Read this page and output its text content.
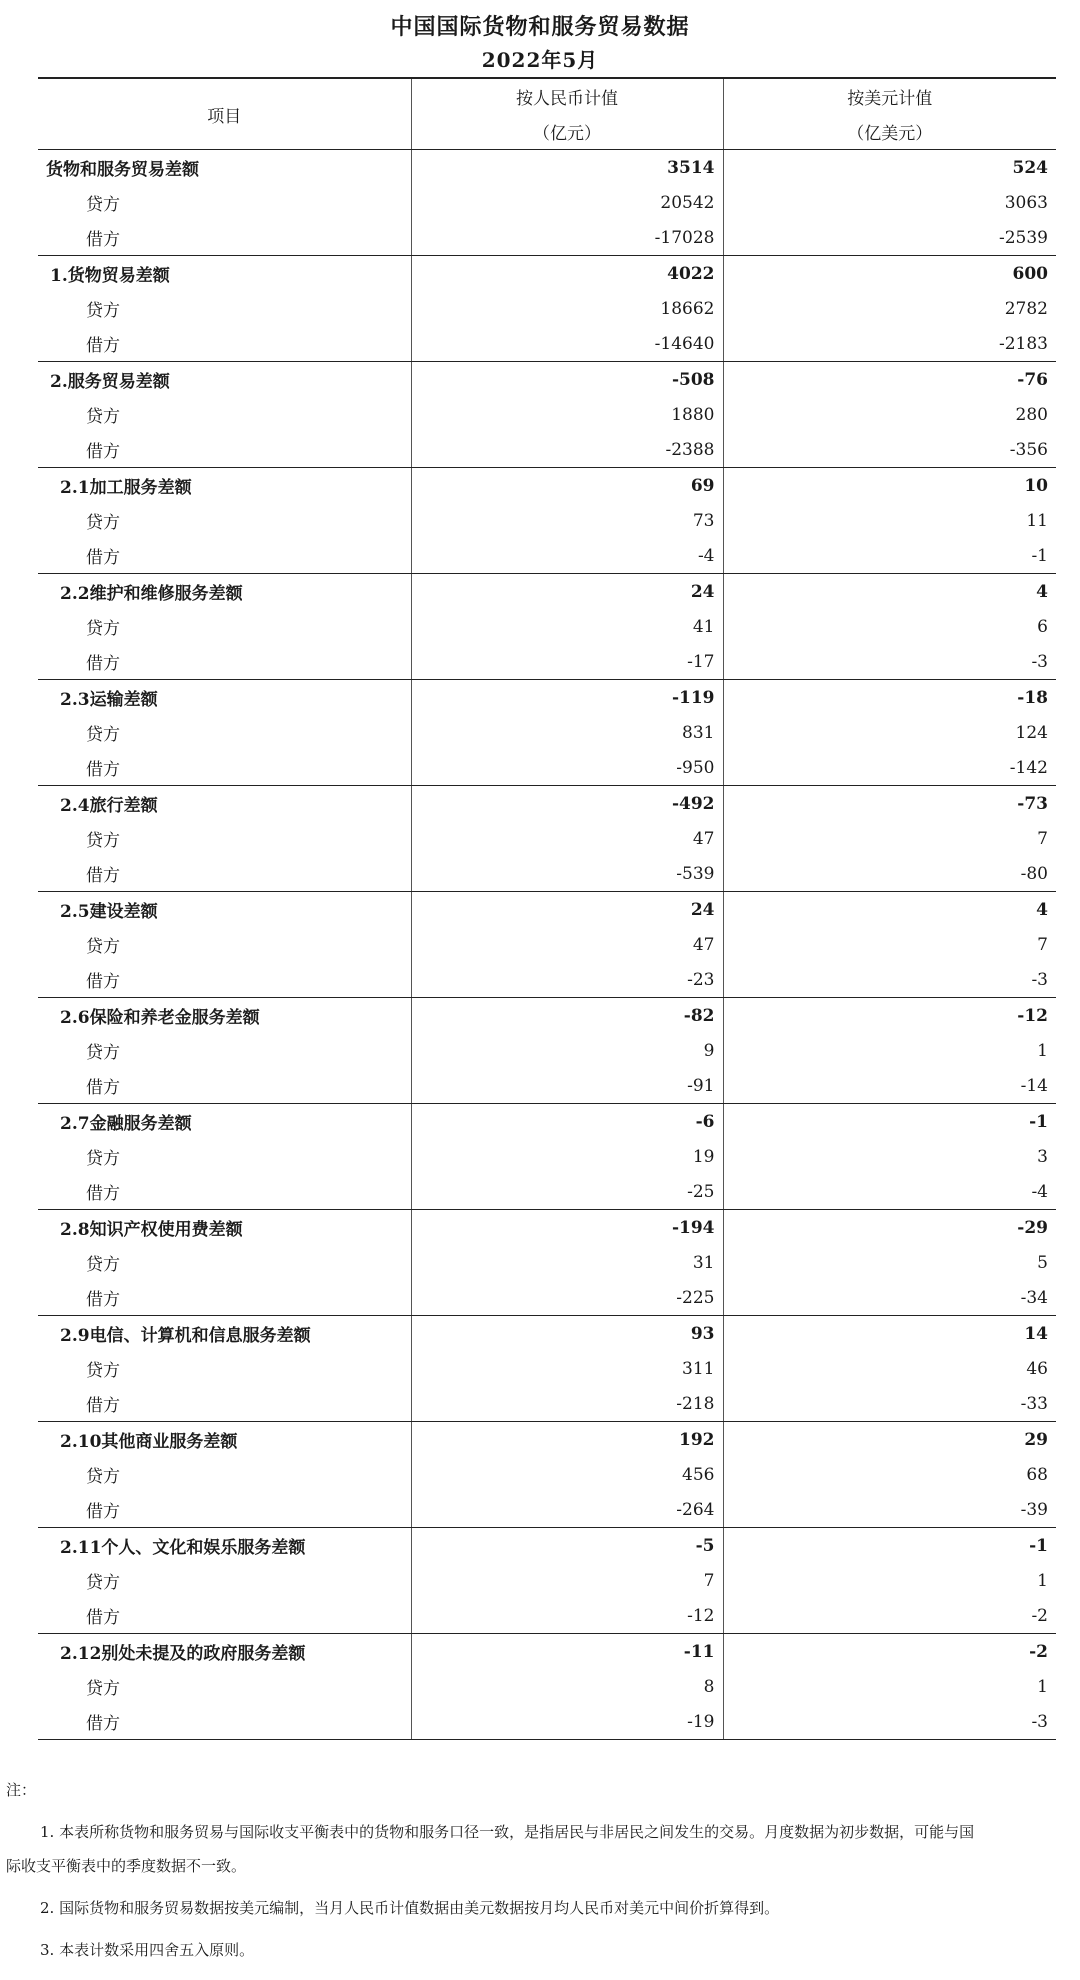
中国国际货物和服务贸易数据
2022年5月
项目	按人民币计值	按美元计值
	（亿元）	（亿美元）
货物和服务贸易差额	3514	524
贷方	20542	3063
借方	-17028	-2539
1.货物贸易差额	4022	600
贷方	18662	2782
借方	-14640	-2183
2.服务贸易差额	-508	-76
贷方	1880	280
借方	-2388	-356
2.1加工服务差额	69	10
贷方	73	11
借方	-4	-1
2.2维护和维修服务差额	24	4
贷方	41	6
借方	-17	-3
2.3运输差额	-119	-18
贷方	831	124
借方	-950	-142
2.4旅行差额	-492	-73
贷方	47	7
借方	-539	-80
2.5建设差额	24	4
贷方	47	7
借方	-23	-3
2.6保险和养老金服务差额	-82	-12
贷方	9	1
借方	-91	-14
2.7金融服务差额	-6	-1
贷方	19	3
借方	-25	-4
2.8知识产权使用费差额	-194	-29
贷方	31	5
借方	-225	-34
2.9电信、计算机和信息服务差额	93	14
贷方	311	46
借方	-218	-33
2.10其他商业服务差额	192	29
贷方	456	68
借方	-264	-39
2.11个人、文化和娱乐服务差额	-5	-1
贷方	7	1
借方	-12	-2
2.12别处未提及的政府服务差额	-11	-2
贷方	8	1
借方	-19	-3
注：
1. 本表所称货物和服务贸易与国际收支平衡表中的货物和服务口径一致，是指居民与非居民之间发生的交易。月度数据为初步数据，可能与国
际收支平衡表中的季度数据不一致。
2. 国际货物和服务贸易数据按美元编制，当月人民币计值数据由美元数据按月均人民币对美元中间价折算得到。
3. 本表计数采用四舍五入原则。
